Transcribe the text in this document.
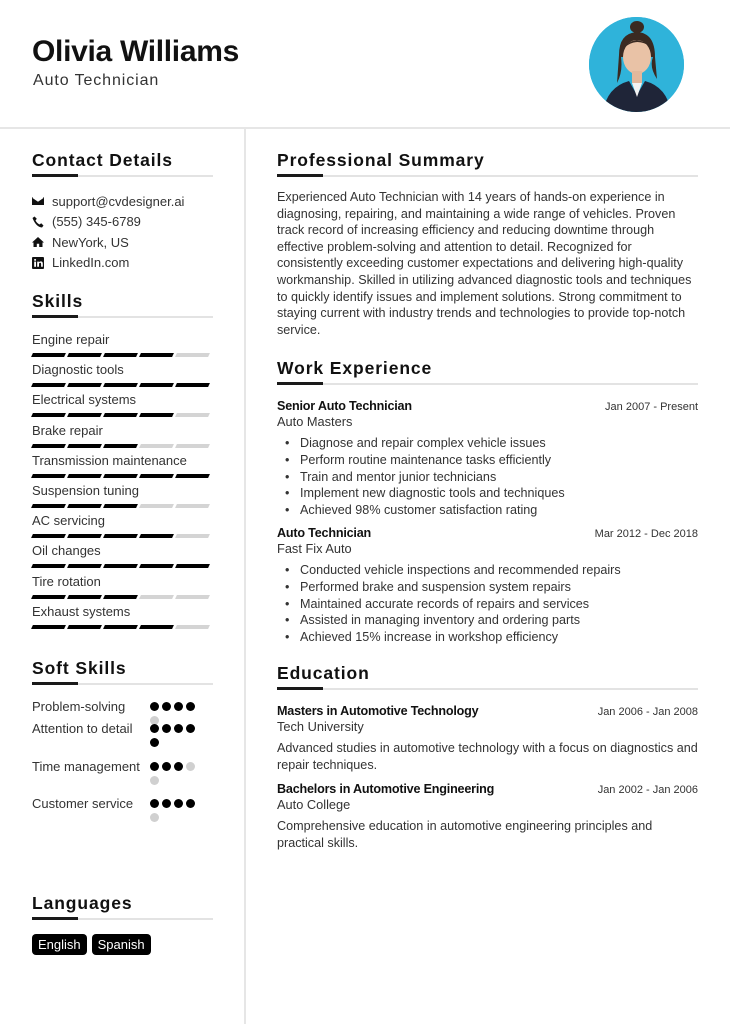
Olivia Williams
Auto Technician
Contact Details
support@cvdesigner.ai
(555) 345-6789
NewYork, US
LinkedIn.com
Skills
Engine repair
Diagnostic tools
Electrical systems
Brake repair
Transmission maintenance
Suspension tuning
AC servicing
Oil changes
Tire rotation
Exhaust systems
Soft Skills
Problem-solving
Attention to detail
Time management
Customer service
Languages
English	Spanish
Professional Summary

Experienced Auto Technician with 14 years of hands-on experience in diagnosing, repairing, and maintaining a wide range of vehicles. Proven track record of increasing efficiency and reducing downtime through effective problem-solving and attention to detail. Recognized for consistently exceeding customer expectations and delivering high-quality workmanship. Skilled in utilizing advanced diagnostic tools and techniques to quickly identify issues and implement solutions. Strong commitment to staying current with industry trends and technologies to provide top-notch service.

Work Experience
Senior Auto Technician	Jan 2007 - Present
Auto Masters
• Diagnose and repair complex vehicle issues
• Perform routine maintenance tasks efficiently
• Train and mentor junior technicians
• Implement new diagnostic tools and techniques
• Achieved 98% customer satisfaction rating
Auto Technician	Mar 2012 - Dec 2018
Fast Fix Auto
• Conducted vehicle inspections and recommended repairs
• Performed brake and suspension system repairs
• Maintained accurate records of repairs and services
• Assisted in managing inventory and ordering parts
• Achieved 15% increase in workshop efficiency
Education
Masters in Automotive Technology	Jan 2006 - Jan 2008
Tech University
Advanced studies in automotive technology with a focus on diagnostics and repair techniques.
Bachelors in Automotive Engineering	Jan 2002 - Jan 2006
Auto College
Comprehensive education in automotive engineering principles and practical skills.
